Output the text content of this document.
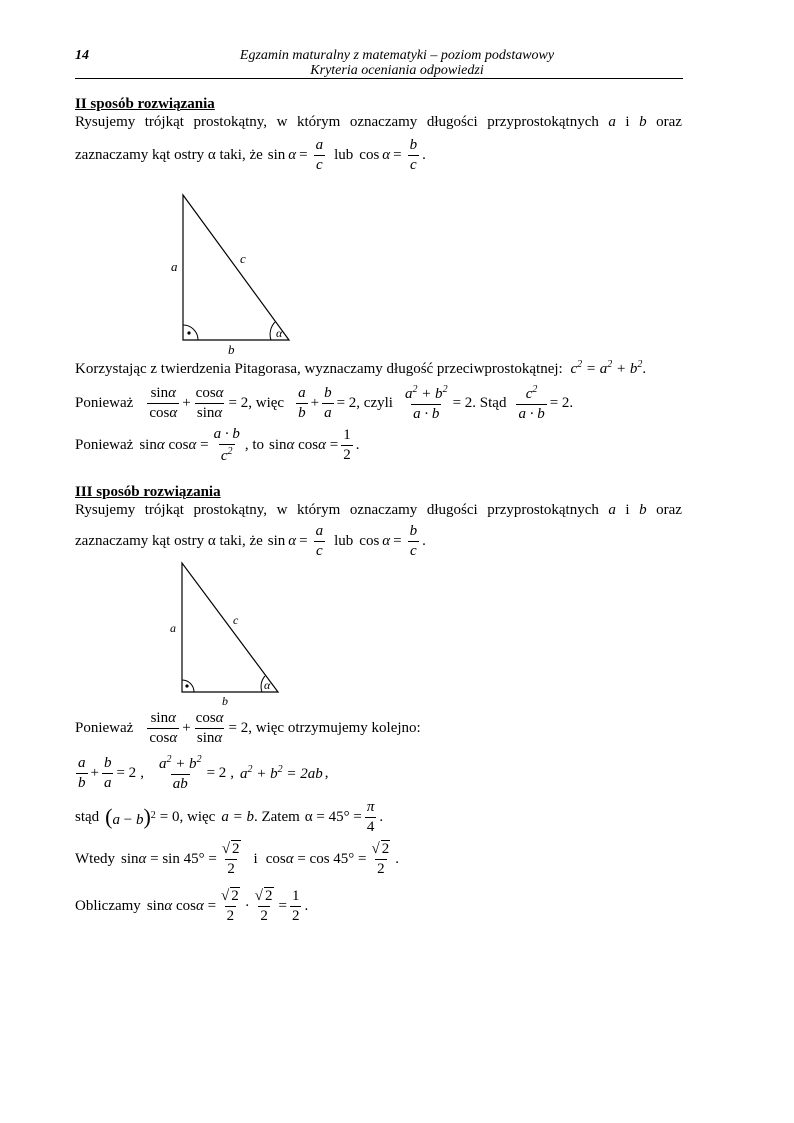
14	Egzamin maturalny z matematyki – poziom podstawowy
Kryteria oceniania odpowiedzi
II sposób rozwiązania
Rysujemy trójkąt prostokątny, w którym oznaczamy długości przyprostokątnych a i b oraz
zaznaczamy kąt ostry α taki, że $\sin \alpha = \frac{a}{c}$ lub $\cos \alpha = \frac{b}{c}$ .
a
c
b
α
Korzystając z twierdzenia Pitagorasa, wyznaczamy długość przeciwprostokątnej: $c^2 = a^2 + b^2$.
Ponieważ $\frac{\sin\alpha}{\cos\alpha} + \frac{\cos\alpha}{\sin\alpha} = 2$ , więc $\frac{a}{b} + \frac{b}{a} = 2$ , czyli $\frac{a^2 + b^2}{a \cdot b} = 2$ . Stąd $\frac{c^2}{a \cdot b} = 2$ .
Ponieważ sinα $\cos\alpha = \frac{a \cdot b}{c^2}$ , to sinα $\cos\alpha = \frac{1}{2}$ .
III sposób rozwiązania
Rysujemy trójkąt prostokątny, w którym oznaczamy długości przyprostokątnych a i b oraz
zaznaczamy kąt ostry α taki, że $\sin \alpha = \frac{a}{c}$ lub $\cos \alpha = \frac{b}{c}$ .
a
c
b
α
Ponieważ $\frac{\sin\alpha}{\cos\alpha} + \frac{\cos\alpha}{\sin\alpha} = 2$ , więc otrzymujemy kolejno:
$\frac{a}{b} + \frac{b}{a} = 2$ , $\frac{a^2 + b^2}{ab} = 2$ , $a^2 + b^2 = 2ab$ ,
stąd $(a - b)^2 = 0$ , więc a = b . Zatem $\alpha = 45^\circ = \frac{\pi}{4}$ .
Wtedy $\sin\alpha = \sin 45^\circ = \frac{√ 2}{2}$ i $\cos\alpha = \cos 45^\circ = \frac{√ 2}{2}$ .
Obliczamy sinα $\cos\alpha = \frac{√ 2}{2} \cdot \frac{√ 2}{2} = \frac{1}{2}$ .
